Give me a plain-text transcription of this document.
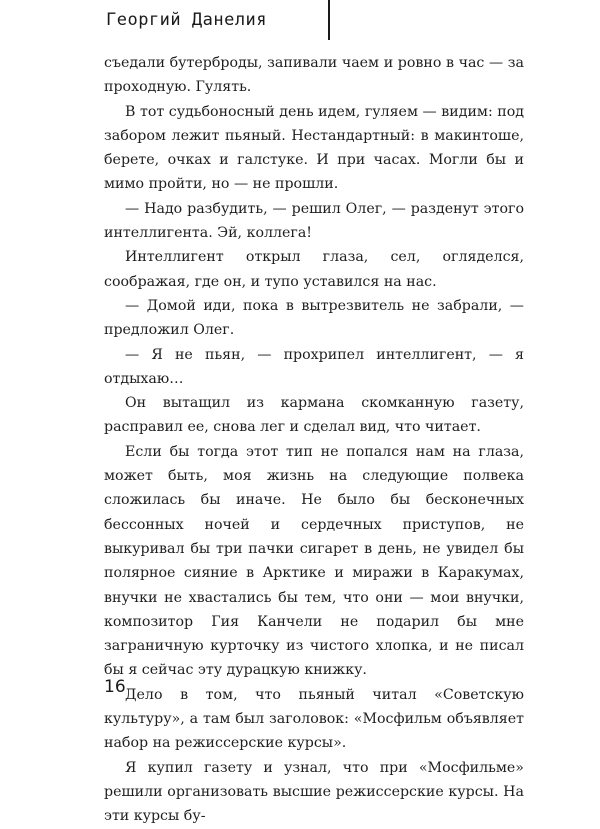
Георгий Данелия

съедали бутерброды, запивали чаем и ровно в час — за проходную. Гулять.

В тот судьбоносный день идем, гуляем — видим: под забором лежит пьяный. Нестандартный: в макинтоше, берете, очках и галстуке. И при часах. Могли бы и мимо пройти, но — не прошли.

— Надо разбудить, — решил Олег, — разденут этого интеллигента. Эй, коллега!

Интеллигент открыл глаза, сел, огляделся, соображая, где он, и тупо уставился на нас.

— Домой иди, пока в вытрезвитель не забрали, — предложил Олег.

— Я не пьян, — прохрипел интеллигент, — я отдыхаю…

Он вытащил из кармана скомканную газету, расправил ее, снова лег и сделал вид, что читает.

Если бы тогда этот тип не попался нам на глаза, может быть, моя жизнь на следующие полвека сложилась бы иначе. Не было бы бесконечных бессонных ночей и сердечных приступов, не выкуривал бы три пачки сигарет в день, не увидел бы полярное сияние в Арктике и миражи в Каракумах, внучки не хвастались бы тем, что они — мои внучки, композитор Гия Канчели не подарил бы мне заграничную курточку из чистого хлопка, и не писал бы я сейчас эту дурацкую книжку.

Дело в том, что пьяный читал «Советскую культуру», а там был заголовок: «Мосфильм объявляет набор на режиссерские курсы».

Я купил газету и узнал, что при «Мосфильме» решили организовать высшие режиссерские курсы. На эти курсы бу-

16
